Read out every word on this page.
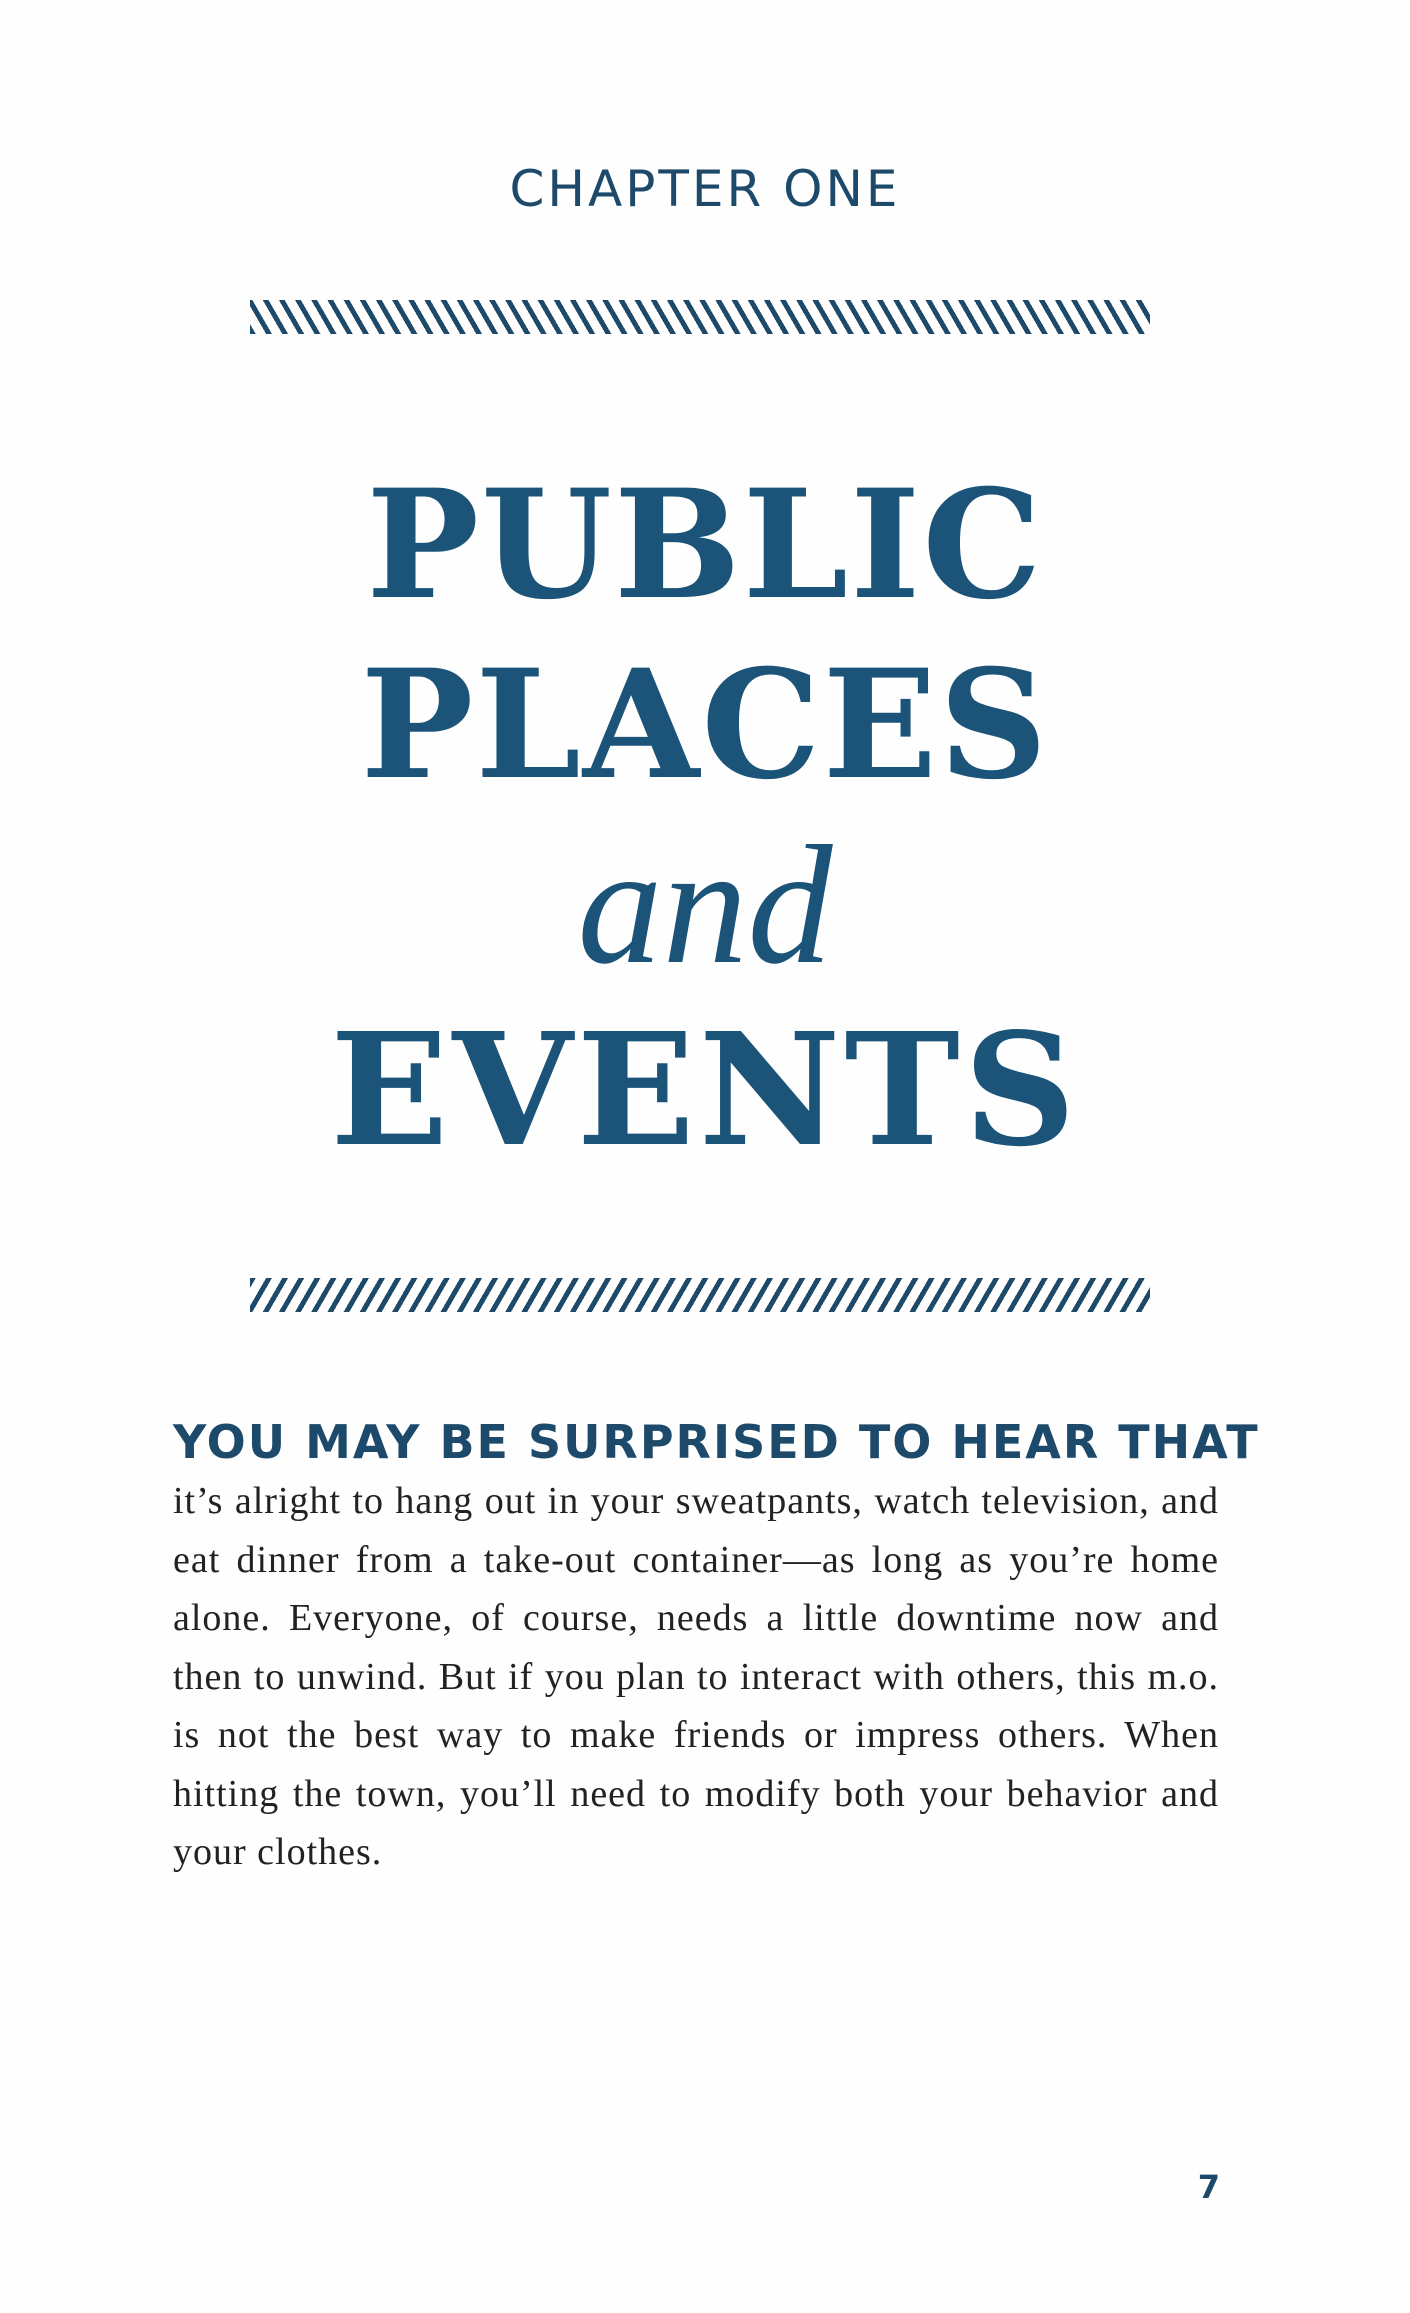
CHAPTER ONE
PUBLIC
PLACES
and
EVENTS
YOU MAY BE SURPRISED TO HEAR THAT
it’s alright to hang out in your sweatpants, watch television, and eat dinner from a take-out container—as long as you’re home alone. Everyone, of course, needs a little downtime now and then to unwind. But if you plan to interact with others, this m.o. is not the best way to make friends or impress others. When hitting the town, you’ll need to modify both your behavior and your clothes.
7
